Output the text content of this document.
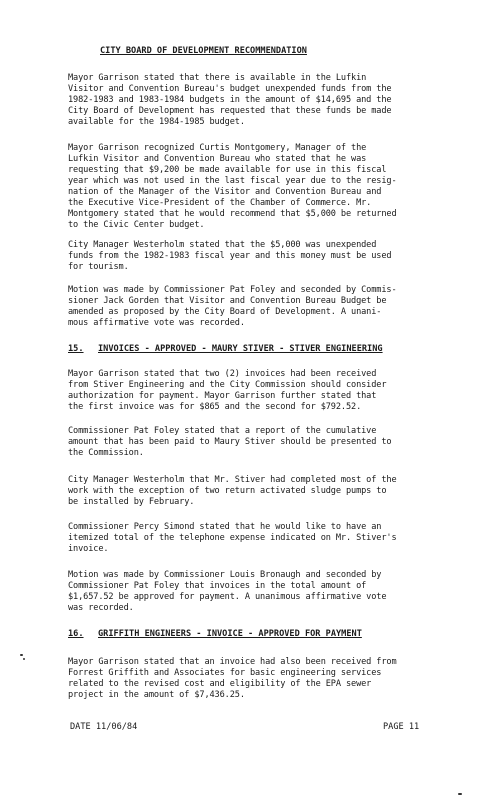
CITY BOARD OF DEVELOPMENT RECOMMENDATION
Mayor Garrison stated that there is available in the Lufkin
Visitor and Convention Bureau's budget unexpended funds from the
1982-1983 and 1983-1984 budgets in the amount of $14,695 and the
City Board of Development has requested that these funds be made
available for the 1984-1985 budget.
Mayor Garrison recognized Curtis Montgomery, Manager of the
Lufkin Visitor and Convention Bureau who stated that he was
requesting that $9,200 be made available for use in this fiscal
year which was not used in the last fiscal year due to the resig-
nation of the Manager of the Visitor and Convention Bureau and
the Executive Vice-President of the Chamber of Commerce. Mr.
Montgomery stated that he would recommend that $5,000 be returned
to the Civic Center budget.
City Manager Westerholm stated that the $5,000 was unexpended
funds from the 1982-1983 fiscal year and this money must be used
for tourism.
Motion was made by Commissioner Pat Foley and seconded by Commis-
sioner Jack Gorden that Visitor and Convention Bureau Budget be
amended as proposed by the City Board of Development. A unani-
mous affirmative vote was recorded.
15. INVOICES - APPROVED - MAURY STIVER - STIVER ENGINEERING
Mayor Garrison stated that two (2) invoices had been received
from Stiver Engineering and the City Commission should consider
authorization for payment. Mayor Garrison further stated that
the first invoice was for $865 and the second for $792.52.
Commissioner Pat Foley stated that a report of the cumulative
amount that has been paid to Maury Stiver should be presented to
the Commission.
City Manager Westerholm that Mr. Stiver had completed most of the
work with the exception of two return activated sludge pumps to
be installed by February.
Commissioner Percy Simond stated that he would like to have an
itemized total of the telephone expense indicated on Mr. Stiver's
invoice.
Motion was made by Commissioner Louis Bronaugh and seconded by
Commissioner Pat Foley that invoices in the total amount of
$1,657.52 be approved for payment. A unanimous affirmative vote
was recorded.
16. GRIFFITH ENGINEERS - INVOICE - APPROVED FOR PAYMENT
Mayor Garrison stated that an invoice had also been received from
Forrest Griffith and Associates for basic engineering services
related to the revised cost and eligibility of the EPA sewer
project in the amount of $7,436.25.
DATE 11/06/84	PAGE 11
